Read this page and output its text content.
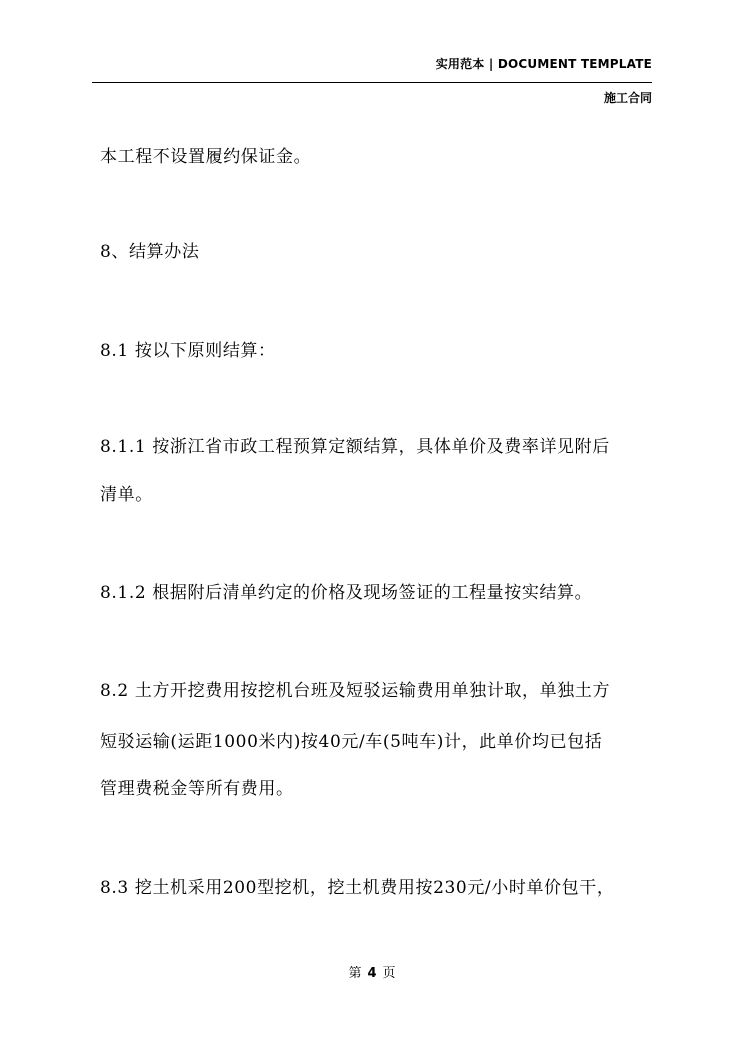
实用范本 | DOCUMENT TEMPLATE
施工合同
本工程不设置履约保证金。
8、结算办法
8.1 按以下原则结算：
8.1.1 按浙江省市政工程预算定额结算，具体单价及费率详见附后
清单。
8.1.2 根据附后清单约定的价格及现场签证的工程量按实结算。
8.2 土方开挖费用按挖机台班及短驳运输费用单独计取，单独土方
短驳运输(运距1000米内)按40元/车(5吨车)计，此单价均已包括
管理费税金等所有费用。
8.3 挖土机采用200型挖机，挖土机费用按230元/小时单价包干，
第 4 页
